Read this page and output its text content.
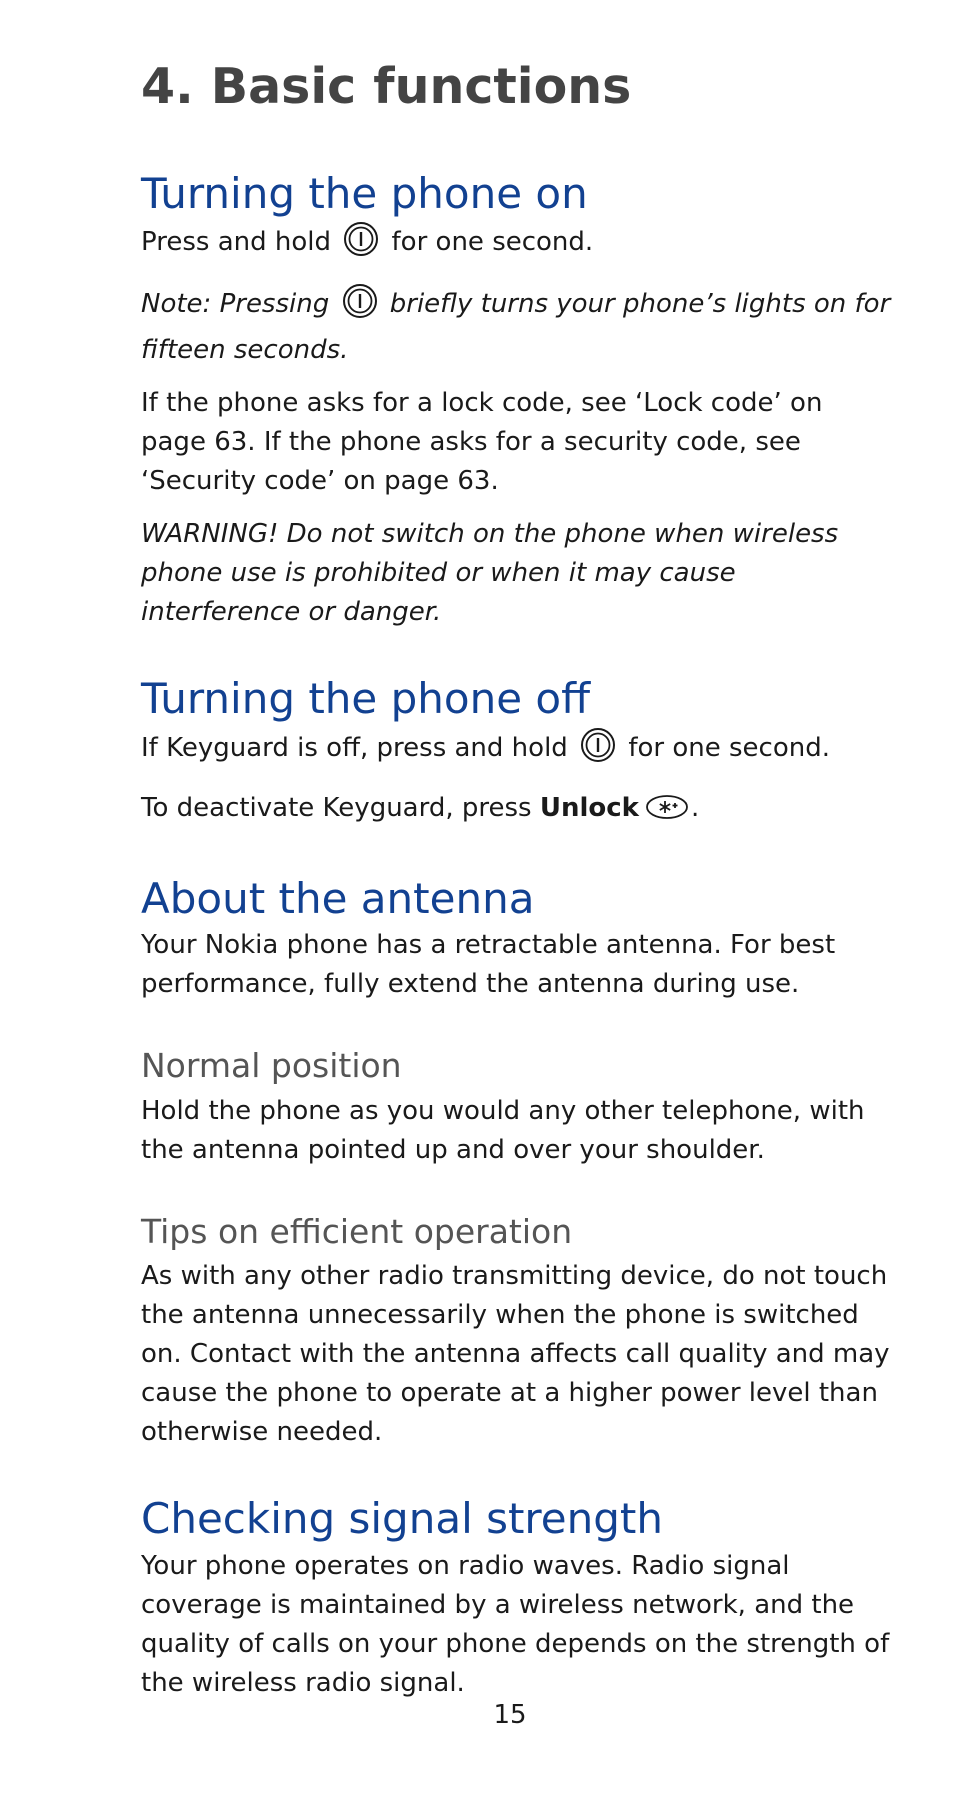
4. Basic functions
Turning the phone on

Press and hold for one second.

Note: Pressing briefly turns your phone’s lights on for fifteen seconds.

If the phone asks for a lock code, see ‘Lock code’ on page 63. If the phone asks for a security code, see ‘Security code’ on page 63.

WARNING! Do not switch on the phone when wireless phone use is prohibited or when it may cause interference or danger.

Turning the phone off

If Keyguard is off, press and hold for one second.

To deactivate Keyguard, press Unlock .

About the antenna

Your Nokia phone has a retractable antenna. For best performance, fully extend the antenna during use.

Normal position

Hold the phone as you would any other telephone, with the antenna pointed up and over your shoulder.

Tips on efficient operation

As with any other radio transmitting device, do not touch the antenna unnecessarily when the phone is switched on. Contact with the antenna affects call quality and may cause the phone to operate at a higher power level than otherwise needed.

Checking signal strength

Your phone operates on radio waves. Radio signal coverage is maintained by a wireless network, and the quality of calls on your phone depends on the strength of the wireless radio signal.

15
